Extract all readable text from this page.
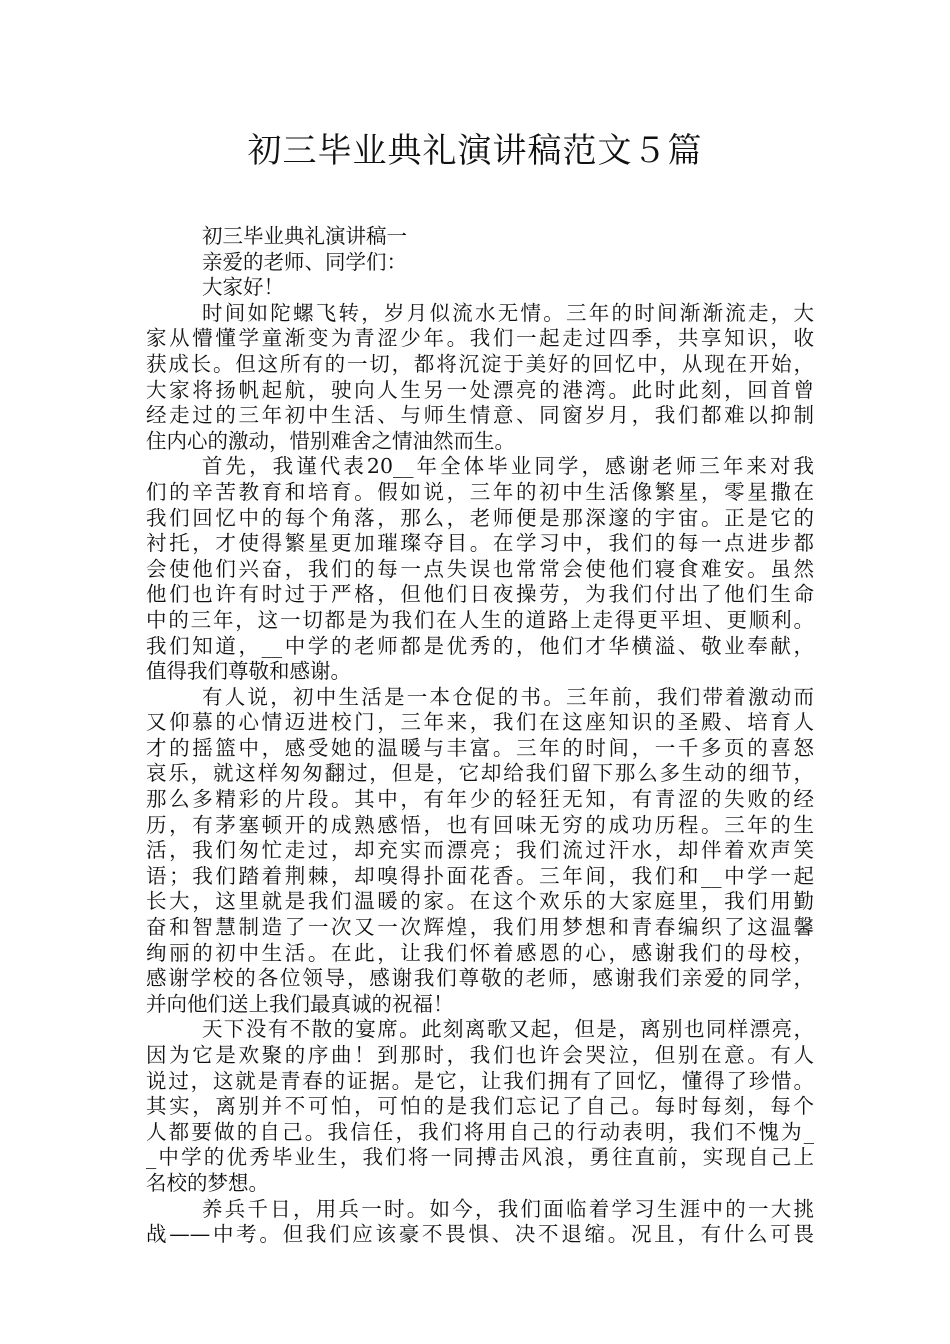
初三毕业典礼演讲稿范文５篇
初三毕业典礼演讲稿一
亲爱的老师、同学们：
大家好！
时间如陀螺飞转，岁月似流水无情。三年的时间渐渐流走，大
家从懵懂学童渐变为青涩少年。我们一起走过四季，共享知识，收
获成长。但这所有的一切，都将沉淀于美好的回忆中，从现在开始，
大家将扬帆起航，驶向人生另一处漂亮的港湾。此时此刻，回首曾
经走过的三年初中生活、与师生情意、同窗岁月，我们都难以抑制
住内心的激动，惜别难舍之情油然而生。
首先，我谨代表20__年全体毕业同学，感谢老师三年来对我
们的辛苦教育和培育。假如说，三年的初中生活像繁星，零星撒在
我们回忆中的每个角落，那么，老师便是那深邃的宇宙。正是它的
衬托，才使得繁星更加璀璨夺目。在学习中，我们的每一点进步都
会使他们兴奋，我们的每一点失误也常常会使他们寝食难安。虽然
他们也许有时过于严格，但他们日夜操劳，为我们付出了他们生命
中的三年，这一切都是为我们在人生的道路上走得更平坦、更顺利。
我们知道，__中学的老师都是优秀的，他们才华横溢、敬业奉献，
值得我们尊敬和感谢。
有人说，初中生活是一本仓促的书。三年前，我们带着激动而
又仰慕的心情迈进校门，三年来，我们在这座知识的圣殿、培育人
才的摇篮中，感受她的温暖与丰富。三年的时间，一千多页的喜怒
哀乐，就这样匆匆翻过，但是，它却给我们留下那么多生动的细节，
那么多精彩的片段。其中，有年少的轻狂无知，有青涩的失败的经
历，有茅塞顿开的成熟感悟，也有回味无穷的成功历程。三年的生
活，我们匆忙走过，却充实而漂亮；我们流过汗水，却伴着欢声笑
语；我们踏着荆棘，却嗅得扑面花香。三年间，我们和__中学一起
长大，这里就是我们温暖的家。在这个欢乐的大家庭里，我们用勤
奋和智慧制造了一次又一次辉煌，我们用梦想和青春编织了这温馨
绚丽的初中生活。在此，让我们怀着感恩的心，感谢我们的母校，
感谢学校的各位领导，感谢我们尊敬的老师，感谢我们亲爱的同学，
并向他们送上我们最真诚的祝福！
天下没有不散的宴席。此刻离歌又起，但是，离别也同样漂亮，
因为它是欢聚的序曲！到那时，我们也许会哭泣，但别在意。有人
说过，这就是青春的证据。是它，让我们拥有了回忆，懂得了珍惜。
其实，离别并不可怕，可怕的是我们忘记了自己。每时每刻，每个
人都要做的自己。我信任，我们将用自己的行动表明，我们不愧为_
_中学的优秀毕业生，我们将一同搏击风浪，勇往直前，实现自己上
名校的梦想。
养兵千日，用兵一时。如今，我们面临着学习生涯中的一大挑
战——中考。但我们应该豪不畏惧、决不退缩。况且，有什么可畏
